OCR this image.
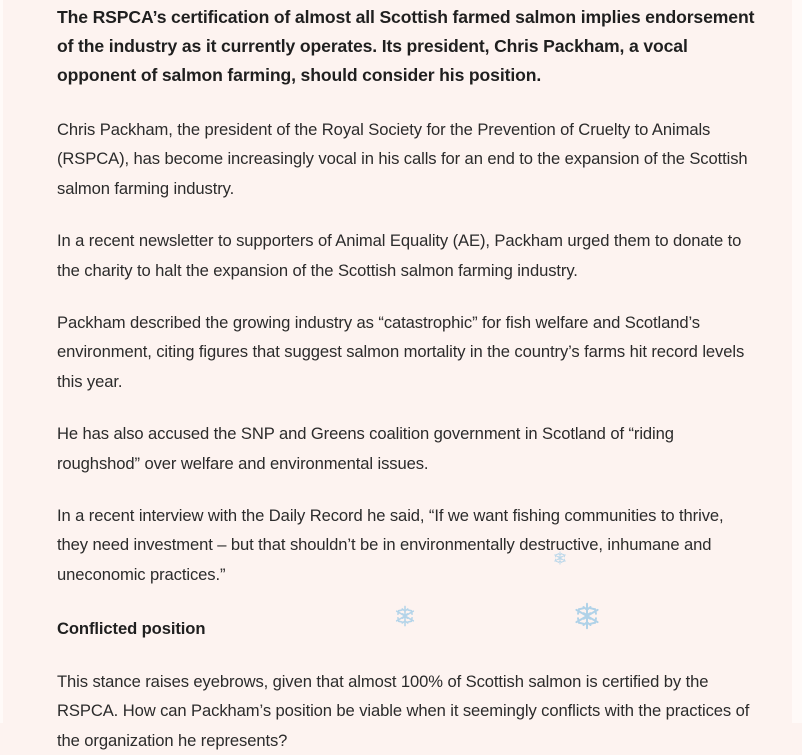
The RSPCA’s certification of almost all Scottish farmed salmon implies endorsement of the industry as it currently operates. Its president, Chris Packham, a vocal opponent of salmon farming, should consider his position.

Chris Packham, the president of the Royal Society for the Prevention of Cruelty to Animals (RSPCA), has become increasingly vocal in his calls for an end to the expansion of the Scottish salmon farming industry.

In a recent newsletter to supporters of Animal Equality (AE), Packham urged them to donate to the charity to halt the expansion of the Scottish salmon farming industry.

Packham described the growing industry as “catastrophic” for fish welfare and Scotland’s environment, citing figures that suggest salmon mortality in the country’s farms hit record levels this year.

He has also accused the SNP and Greens coalition government in Scotland of “riding roughshod” over welfare and environmental issues.

In a recent interview with the Daily Record he said, “If we want fishing communities to thrive, they need investment – but that shouldn’t be in environmentally destructive, inhumane and uneconomic practices.”

Conflicted position

This stance raises eyebrows, given that almost 100% of Scottish salmon is certified by the RSPCA. How can Packham’s position be viable when it seemingly conflicts with the practices of the organization he represents?
